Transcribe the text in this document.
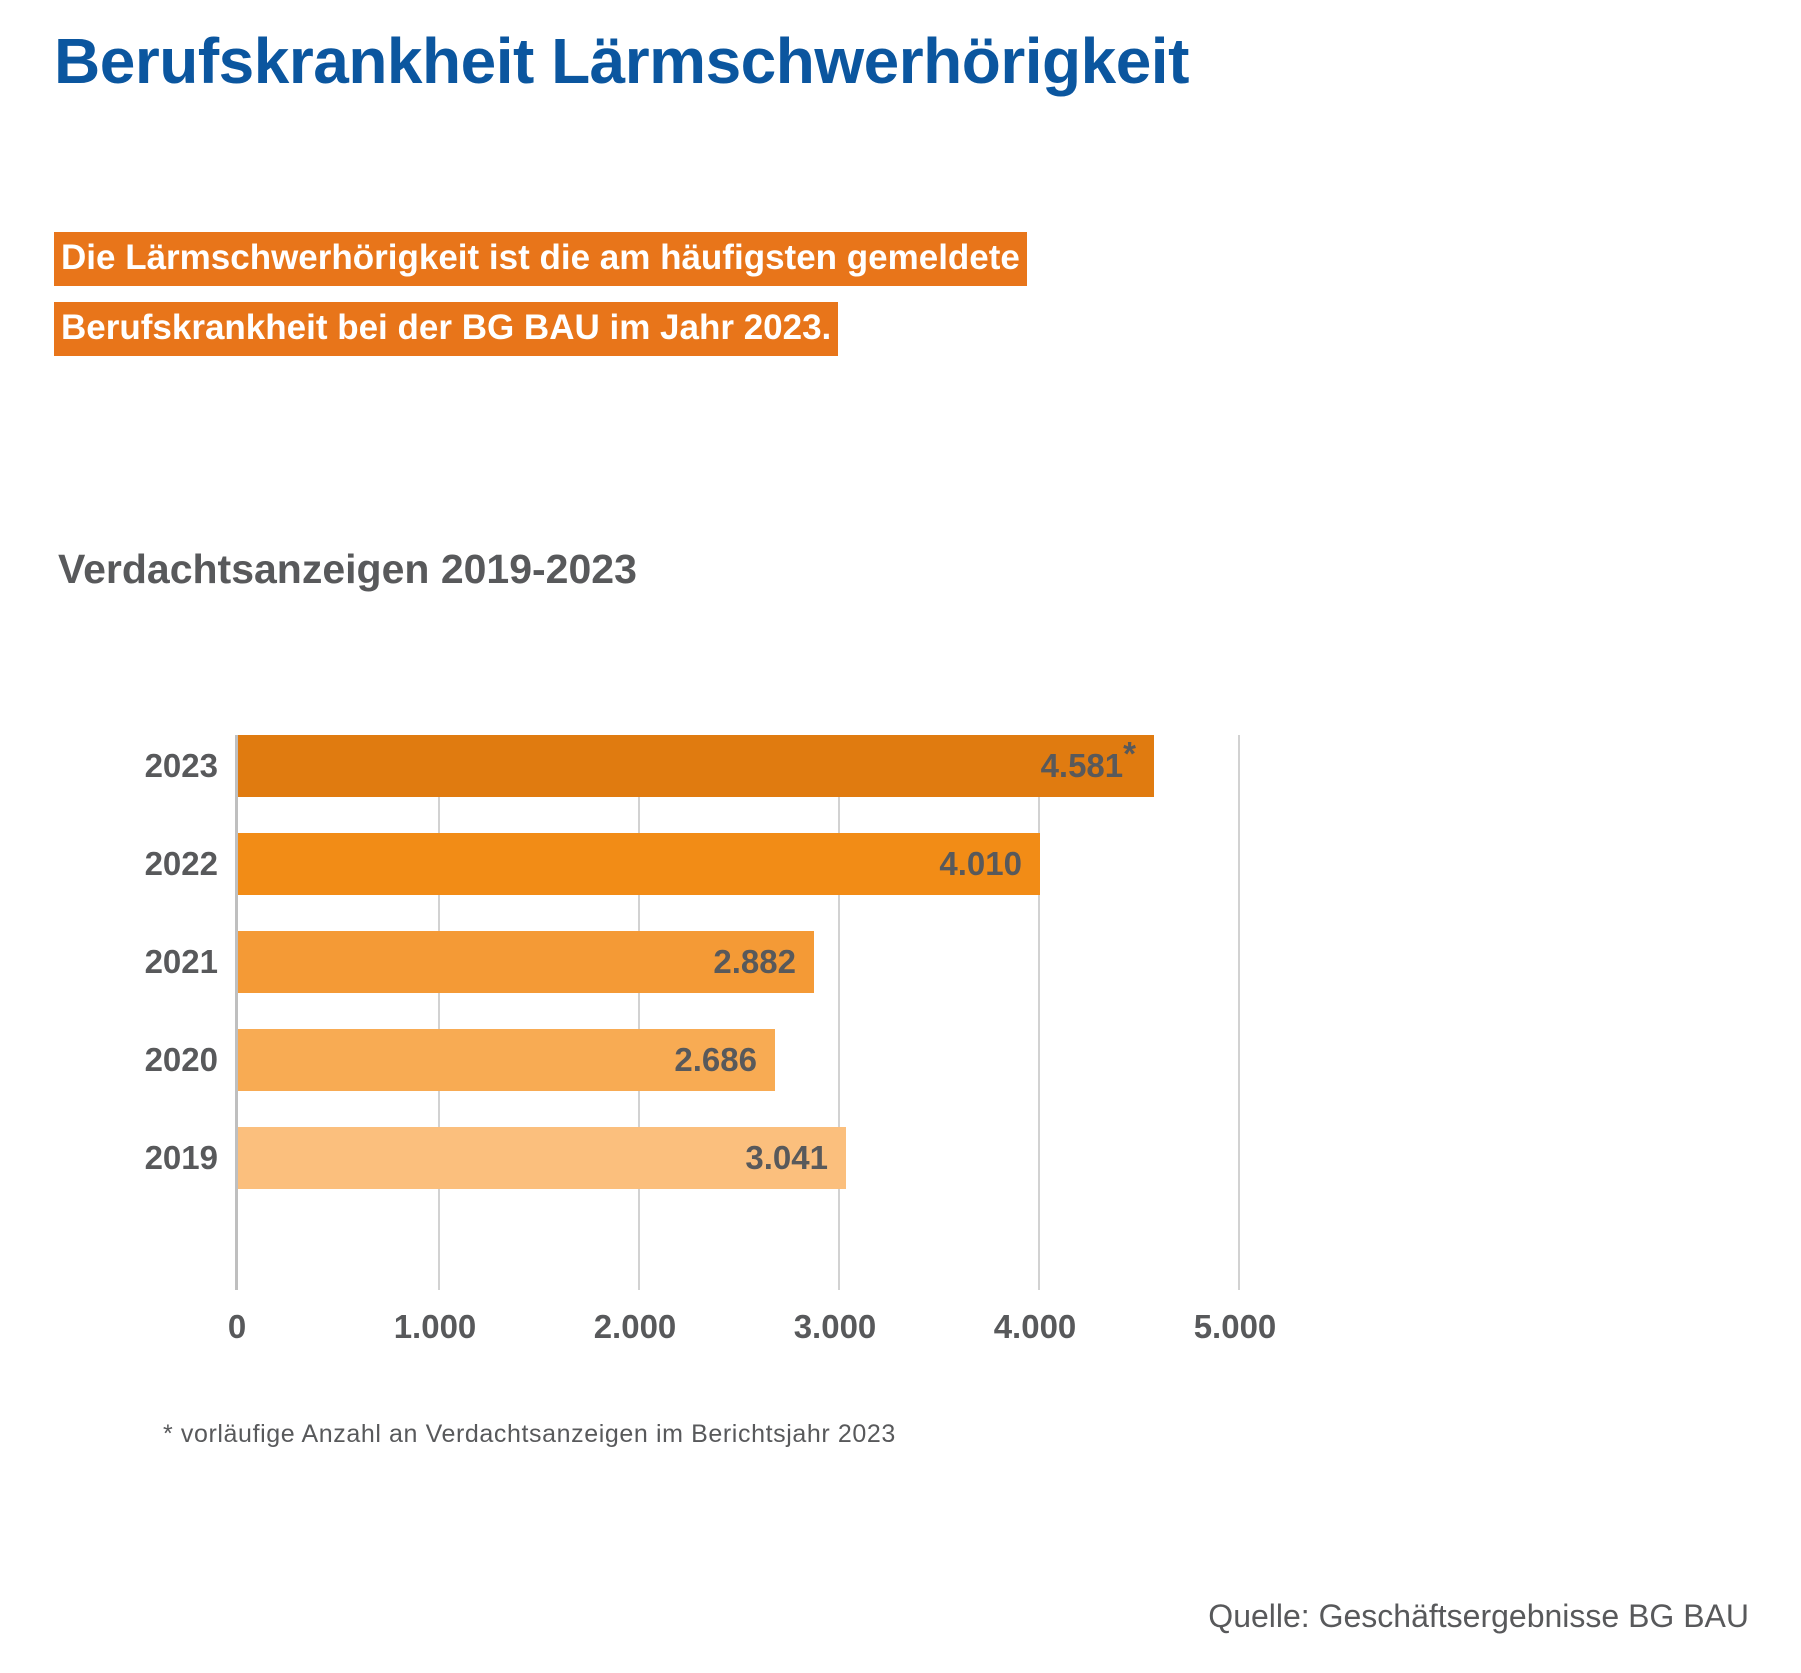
Berufskrankheit Lärmschwerhörigkeit
Die Lärmschwerhörigkeit ist die am häufigsten gemeldete
Berufskrankheit bei der BG BAU im Jahr 2023.
Verdachtsanzeigen 2019-2023
2023
2022
2021
2020
2019
4.581*
4.010
2.882
2.686
3.041
0	1.000	2.000	3.000	4.000	5.000
* vorläufige Anzahl an Verdachtsanzeigen im Berichtsjahr 2023
Quelle: Geschäftsergebnisse BG BAU
